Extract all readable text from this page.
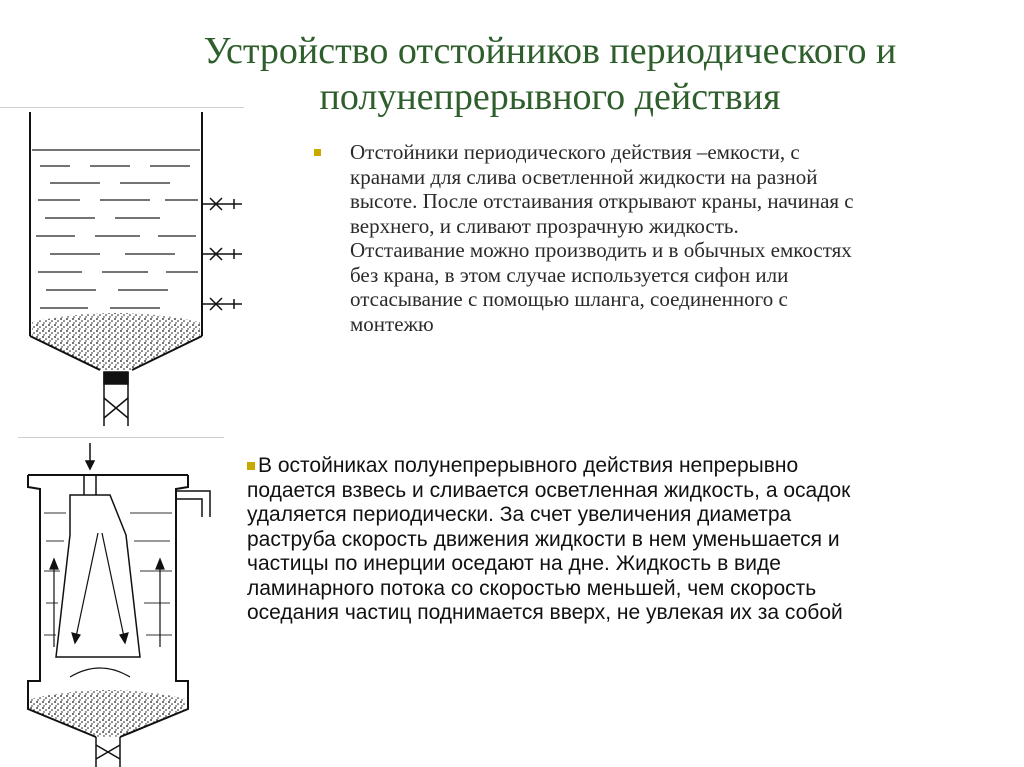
Устройство отстойников периодического и
полунепрерывного действия
Отстойники периодического действия –емкости, с
кранами для слива осветленной жидкости на разной
высоте. После отстаивания открывают краны, начиная с
верхнего, и сливают прозрачную жидкость.
Отстаивание можно производить и в обычных емкостях
без крана, в этом случае используется сифон или
отсасывание с помощью шланга, соединенного с
монтежю
В остойниках полунепрерывного действия непрерывно
подается взвесь и сливается осветленная жидкость, а осадок
удаляется периодически. За счет увеличения диаметра
раструба скорость движения жидкости в нем уменьшается и
частицы по инерции оседают на дне. Жидкость в виде
ламинарного потока со скоростью меньшей, чем скорость
оседания частиц поднимается вверх, не увлекая их за собой
